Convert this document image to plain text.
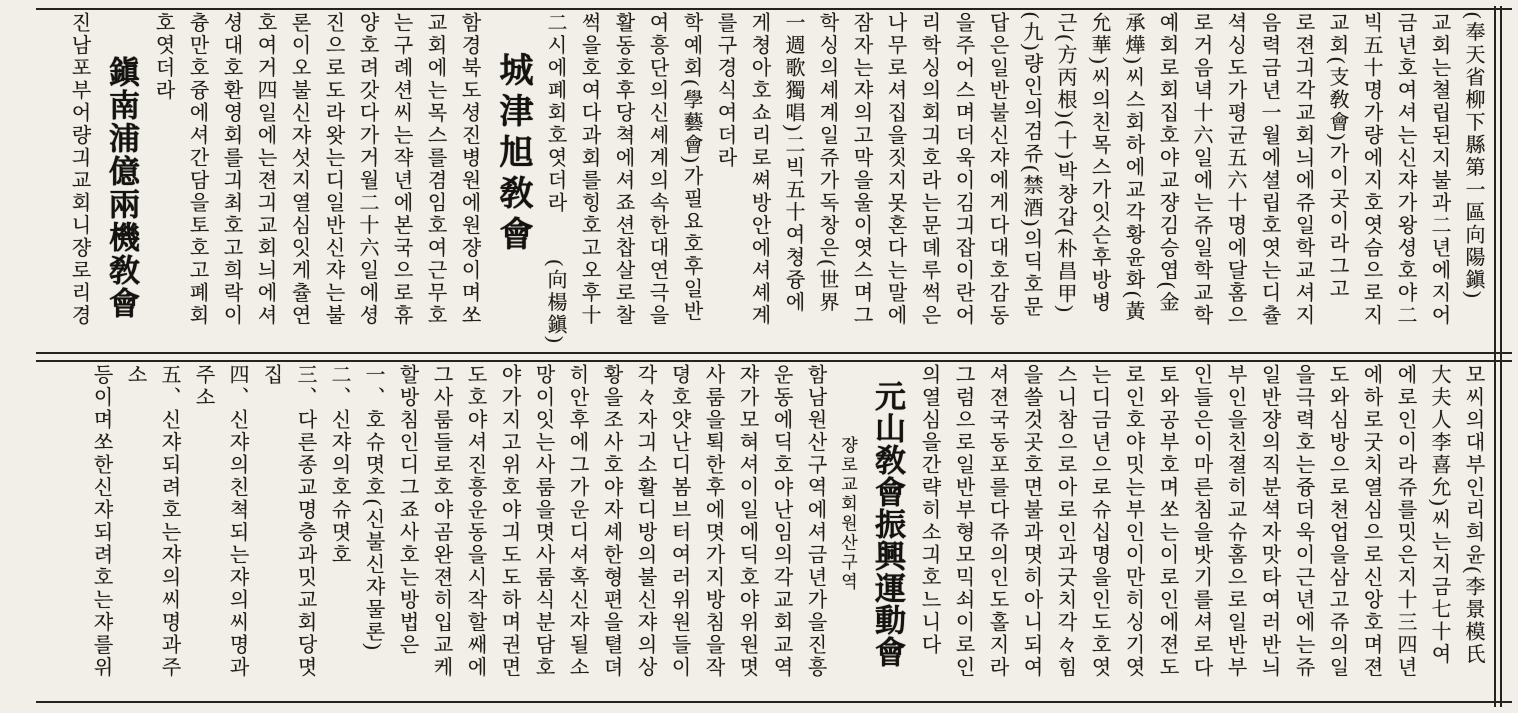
(奉天省柳下縣第一區向陽鎭)
교회는쳘립된지불과二년에지어
금년호여셔는신쟈가왕셩호야二
빅五十명가량에지호엿슴으로지
교회(支敎會)가이곳이라그고
로젼긔각교회늬에쥬일학교셔지
음력금년一월에셜립호엿는디츌
셕싱도가평균五六十명에달홈으
로거음녁十六일에는쥬일학교학
예회로회집호야교쟝김승엽(金
承燁)씨스회하에교각황윤화(黃
允華)씨의친목스가잇슨후방병
근(方丙根)(十)박챵갑(朴昌甲)
(九)량인의검쥬(禁酒)의딕호문
답은일반불신쟈에게다대호감동
을주어스며더욱이김긔잡이란어
리학싱의회긔호라는문뎨루썩은
나무로셔집을짓지못혼다는말에
잠자는쟈의고막을울이엿스며그
학싱의셰계일쥬가독창은(世界
一週歌獨唱)二빅五十여쳥즁에
게쳥아호쇼리로쎠방안에셔셰계
를구경식여더라
학예회(學藝會)가필요호후일반
여흥단의신셰계의속한대연극을
활동호후당쳑에셔죠션찹살로찰
썩을호여다과회를힝호고오후十
二시에폐회호엿더라　　(向楊鎭)
城津旭敎會
함경북도셩진병원에원쟝이며쏘
교회에는목스를겸임호여근무호
는구례션씨는쟉년에본국으로휴
양호려갓다가거월二十六일에셩
진으로도라왓는디일반신쟈는불
론이오불신쟈섯지열심잇게츌연
호여거四일에는젼긔교회늬에셔
셩대호환영회를긔최호고희락이
츙만호즁에셔간담을토호고폐회
호엿더라
鎭南浦億兩機敎會
진남포부어량긔교회니쟝로리경
모씨의대부인리희윤(李景模氏
大夫人李喜允)씨는지금七十여
에로인이라쥬를밋은지十三四년
에하로굿치열심으로신앙호며젼
도와심방으로쳔업을삼고쥬의일
을극력호는즁더욱이근년에는쥬
일반쟝의직분셕자맛타여러반늬
부인을친졀히교슈홈으로일반부
인들은이마른침을밧기를셔로다
토와공부호며쏘는이로인에젼도
로인호야밋는부인이만히싱기엿
는디금년으로슈십명을인도호엿
스니참으로아로인과굿치각々힘
을쓸것곳호면불과몃히아니되여
셔젼국동포를다쥬의인도홀지라
그럼으로일반부형모믹쇠이로인
의열심을간략히소긔호느니다
元山敎會振興運動會
쟝로교회원산구역
함남원산구역에셔금년가을진흥
운동에딕호야난임의각교회교역
쟈가모혀셔이일에딕호야위원몃
사룸을퇵한후에몃가지방침을작
뎡호얏난디봄브터여러위원들이
각々자긔소활디방의불신쟈의상
황을조사호야자셰한형편을텰뎌
히안후에그가운디셔혹신쟈될소
망이잇는사룸을몃사룸식분담호
야가지고위호야긔도도하며권면
도호야셔진흥운동을시작할쌔에
그사룸들로호야곰완젼히입교케
할방침인디그죠사호는방법은
一、호슈몃호(신불신쟈물론)
二、신쟈의호슈몃호
三、다른종교명층과밋교회당몃
집
四、신쟈의친쳑되는쟈의씨명과
주소
五、신쟈되려호는쟈의씨명과주
소
등이며쏘한신쟈되려호는쟈를위
